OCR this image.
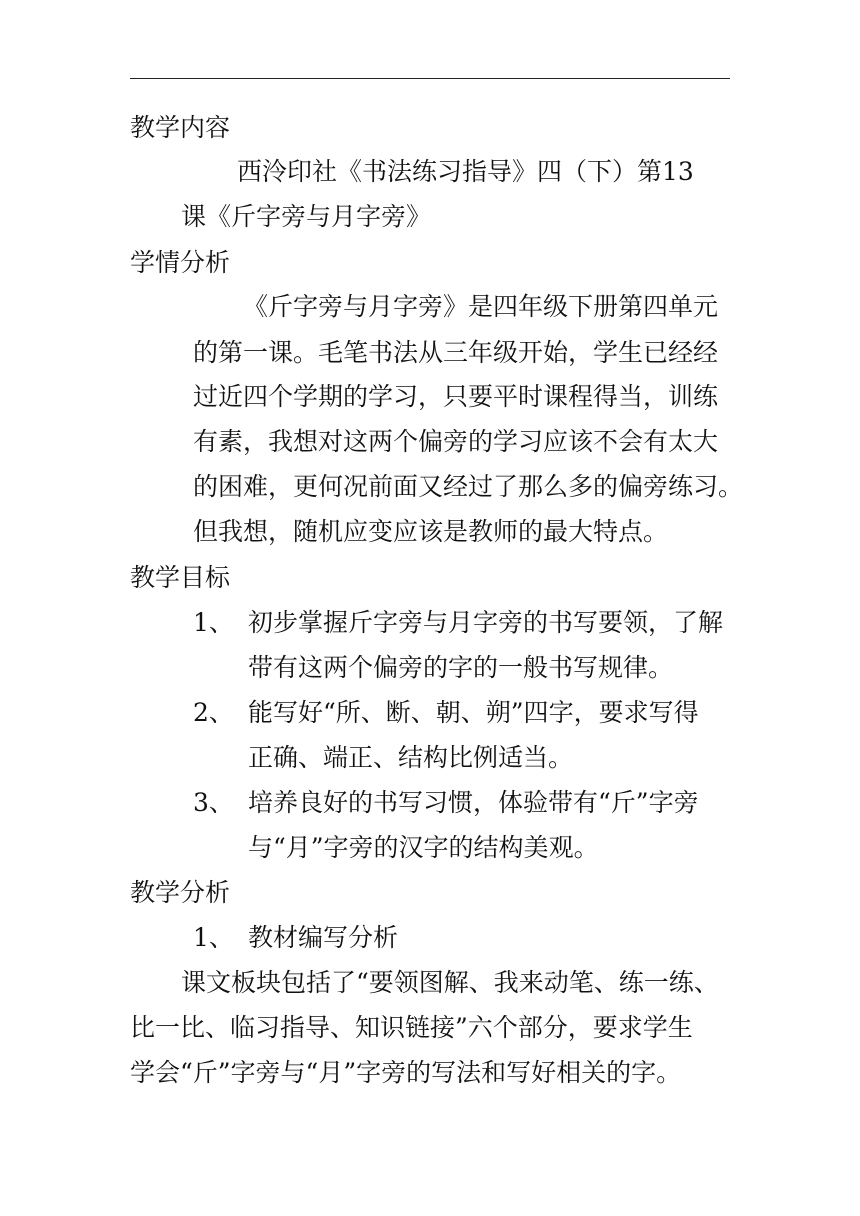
教学内容
西泠印社《书法练习指导》四（下）第13
课《斤字旁与月字旁》
学情分析
《斤字旁与月字旁》是四年级下册第四单元
的第一课。毛笔书法从三年级开始，学生已经经
过近四个学期的学习，只要平时课程得当，训练
有素，我想对这两个偏旁的学习应该不会有太大
的困难，更何况前面又经过了那么多的偏旁练习。
但我想，随机应变应该是教师的最大特点。
教学目标
1、 初步掌握斤字旁与月字旁的书写要领，了解
带有这两个偏旁的字的一般书写规律。
2、 能写好“所、断、朝、朔”四字，要求写得
正确、端正、结构比例适当。
3、 培养良好的书写习惯，体验带有“斤”字旁
与“月”字旁的汉字的结构美观。
教学分析
1、 教材编写分析
课文板块包括了“要领图解、我来动笔、练一练、
比一比、临习指导、知识链接”六个部分，要求学生
学会“斤”字旁与“月”字旁的写法和写好相关的字。
